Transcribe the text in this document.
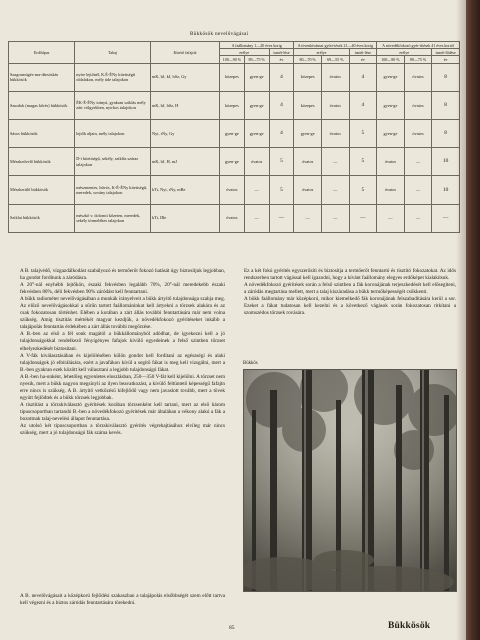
Bükkösök nevelővágásai
Erdőtípus	Tahaj	Kísérő fafajok	A faállomány 1—20 éves korig			A tövenkívánszt győri-tések 21—40 éves korig			A növedékfokozó gyér-títések 41 éves kortól		
			erélye		ismét-lése	erélye		ismét-lése	erélye		ismét-lődése
			100—90 %	89—75 %	év	80—70 %	69—55 %	év	100—90 %	89—75 %	év
Szagosmügés-ma-dársóskás bükkösök	nyíre lejtőnél, K.É-ÉNy kitettségű oldalakon, mély üde talajokon	mK, bJ, kJ, hSz, Gy	közepes	gyen-ge	4	közepes	óvatos	4	gyen-ge	óvatos	8
Szurdok (magas kőrés) bükkösök	ÉK-É-ÉNy irányú, gyakran sziklás mély zárt völgyekben, nyirkos talajokon	mK, bJ, hSz, H	közepes	gyen-ge	4	közepes	óvatos	4	gyen-ge	óvatos	8
Sásos bükkösök	lejtők aljain, mély talajokon	Nyi, rNy, Gy	gyen-ge	gyen-ge	4	gyen-ge	óvatos	5	gyen-ge	óvatos	8
Mészkedvelő bükkösök	D-i kitettségű, sekély, sziklás száraz talajokon	mK, bJ, H, mJ	gyen-ge	óvatos	5	óvatos	—	5	óvatos	—	10
Mészkerülő bükkösök	mészmentes, hűvös, K-É-ÉNy kitettségű, meredek, sovány talajokon	kTt, Nyi, rNy, mBe	óvatos	—	5	óvatos	—	5	óvatos	—	10
Sziklai bükkösök	mészkő v. dolomit kőzeten, meredek, sekély törmelékes talajokon	kTt, lBe	óvatos	—	—	—	—	—	—	—	—

A B. talajvédő, vízgazdálkodást szabályozó és termőerőt fokozó hatását úgy biztosítjuk legjobban, ha gondot fordítunk a záródásra.

A 20°-nál enyhébb lejtőkön, északi fekvésben legalább 70%, 20°-nál meredekebb északi fekvésben 80%, déli fekvésben 90% záródást kell fenntartani.

A bükk radiométer nevelővágásában a munkák irányelveit a bükk ártyítő tulajdonsága szabja meg. Az előző nevelővágásokkal a sűrűn tartott faállománinkat kell ártyekni a törzsek alakára és az csak fokozatosan történhet. Elében a korában a zárt állás további fenntartására már nem volna szükség. Amíg tisztítás mértékét magyar kezdjük, a növedékfokozó gyérítéseket inkább a talajápolás fenntartás érdekében a zárt állás további megőrzése.

A B.-ben az első a fél sonk magától a bükkállományból adódhat, de igyekezni kell a jó tulajdonságokkal rendelkező fényigényes fafajok kívülő egyedeinek a felső szintben törzset elhelyezkedését biztosítani.

A V-fák kiválasztásában és kijelölésében külön gondot kell fordítani az egészségi és alaki tulajdonságok jó elbírálására, ezért a javafákon kívül a segítő fákat is meg kell vizsgálni, mert a B.-ben gyakran ezek között kell választani a legjobb tulajdonságú fákat.

A B.-ben ha-onként, lehetőleg egyenletes eloszlásban, 250—350 V-fát kell kijelölni. A törzset nem nyesik, mert a bükk nagyon megsínyli az ilyen beavatkozást, a kívülő feltüntető képességű fafajtn erre nincs is szükség. A B. ártyítő vetkőzésű kifejlődő vagy nem javaslott tovább, mert a tövek együtt fejlődtek és a bükk törzsek legjobbak.

A tisztítást a törzskiválasztó gyérítések korában törzsenként kell tartani, mert az első három típuscsoportban tartandó B.-ben a növedékfokozó gyérítések már általában a vékony alakú a fák a bozottnak talaj-nevelési állapot fenntartása.

Az utolsó két típuscsoportban a törzskiválasztó gyérítés végrehajtásához elvileg már nincs szükség, mert a jó tulajdonságú fák száma kevés.

Ez a két fokú gyérítés egyszerűsíti és biztosítja a termőerőt fenntartó és tisztító fokozatokat. Az idős rendszerben tartott vágással kell igazodni, hogy a kívánt faállomány elegyes erdőképet kialakítsuk.

A növedékfokozó gyérítések során a felső szintben a fák koronájának terjeszkedését kell elősegíteni, a záródás megtartása mellett, mert a talaj kiszáradása a bükk termőképességét csökkenti.

A bükk faállomány már középkorú, mikor kiemelkedő fák koronájának felszabadítására kerül a sor. Ezeket a fákat tudatosan kell kezelni és a következő vágások során fokozatosan ritkítani a szomszédos törzsek rovására.

Bükkös
A B. nevelővágásait a középkorú fejlődési szakaszban a talajápolás elsőbbségét szem előtt tartva kell végezni és a biztos záródás fenntartására törekedni.
85	Bükkösök
